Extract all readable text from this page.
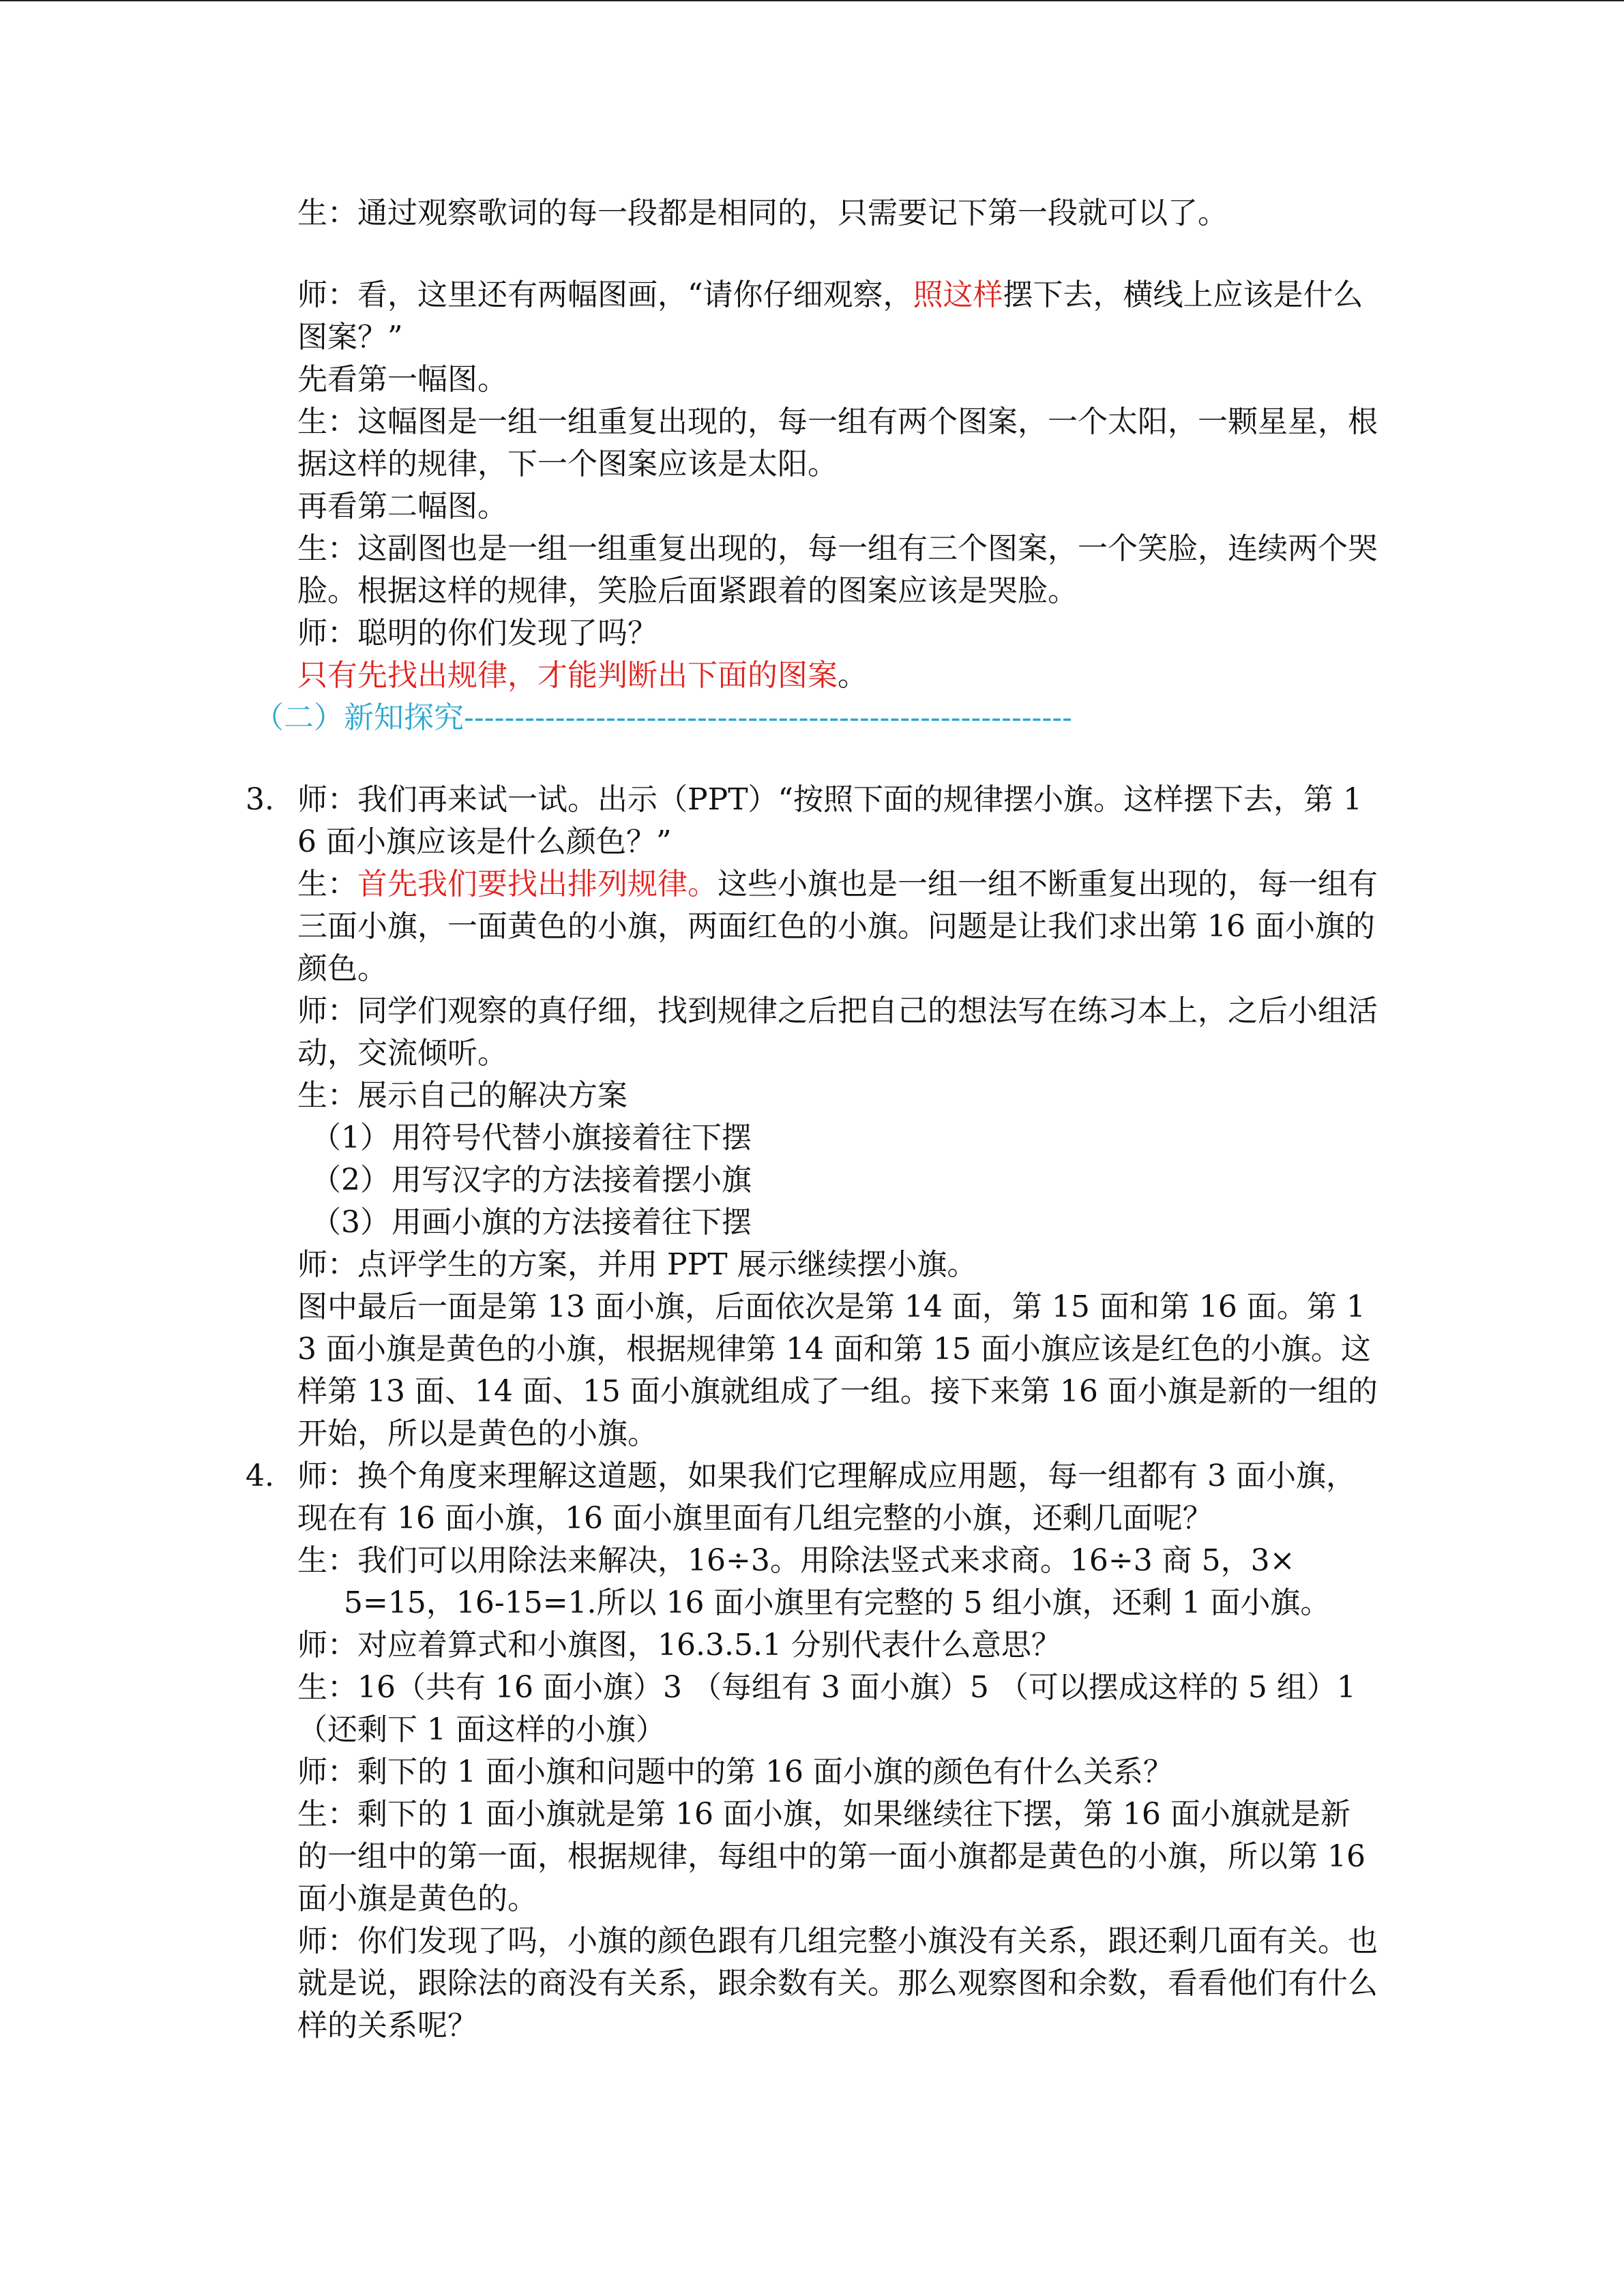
生：通过观察歌词的每一段都是相同的，只需要记下第一段就可以了。

师：看，这里还有两幅图画，“请你仔细观察，照这样摆下去，横线上应该是什么图案？”

先看第一幅图。

生：这幅图是一组一组重复出现的，每一组有两个图案，一个太阳，一颗星星，根据这样的规律，下一个图案应该是太阳。

再看第二幅图。

生：这副图也是一组一组重复出现的，每一组有三个图案，一个笑脸，连续两个哭脸。根据这样的规律，笑脸后面紧跟着的图案应该是哭脸。

师：聪明的你们发现了吗？

只有先找出规律，才能判断出下面的图案。

（二）新知探究------------------------------------------------------------

3. 师：我们再来试一试。出示（PPT）“按照下面的规律摆小旗。这样摆下去，第 16 面小旗应该是什么颜色？”

生：首先我们要找出排列规律。这些小旗也是一组一组不断重复出现的，每一组有三面小旗，一面黄色的小旗，两面红色的小旗。问题是让我们求出第 16 面小旗的颜色。

师：同学们观察的真仔细，找到规律之后把自己的想法写在练习本上，之后小组活动，交流倾听。

生：展示自己的解决方案

（1）用符号代替小旗接着往下摆

（2）用写汉字的方法接着摆小旗

（3）用画小旗的方法接着往下摆

师：点评学生的方案，并用 PPT 展示继续摆小旗。

图中最后一面是第 13 面小旗，后面依次是第 14 面，第 15 面和第 16 面。第 13 面小旗是黄色的小旗，根据规律第 14 面和第 15 面小旗应该是红色的小旗。这样第 13 面、14 面、15 面小旗就组成了一组。接下来第 16 面小旗是新的一组的开始，所以是黄色的小旗。

4. 师：换个角度来理解这道题，如果我们它理解成应用题，每一组都有 3 面小旗，现在有 16 面小旗，16 面小旗里面有几组完整的小旗，还剩几面呢？

生：我们可以用除法来解决，16÷3。用除法竖式来求商。16÷3 商 5，3×

5=15，16-15=1.所以 16 面小旗里有完整的 5 组小旗，还剩 1 面小旗。

师：对应着算式和小旗图，16.3.5.1 分别代表什么意思？

生：16（共有 16 面小旗）3 （每组有 3 面小旗）5 （可以摆成这样的 5 组）1 （还剩下 1 面这样的小旗）

师：剩下的 1 面小旗和问题中的第 16 面小旗的颜色有什么关系？

生：剩下的 1 面小旗就是第 16 面小旗，如果继续往下摆，第 16 面小旗就是新的一组中的第一面，根据规律，每组中的第一面小旗都是黄色的小旗，所以第 16 面小旗是黄色的。

师：你们发现了吗，小旗的颜色跟有几组完整小旗没有关系，跟还剩几面有关。也就是说，跟除法的商没有关系，跟余数有关。那么观察图和余数，看看他们有什么样的关系呢？
